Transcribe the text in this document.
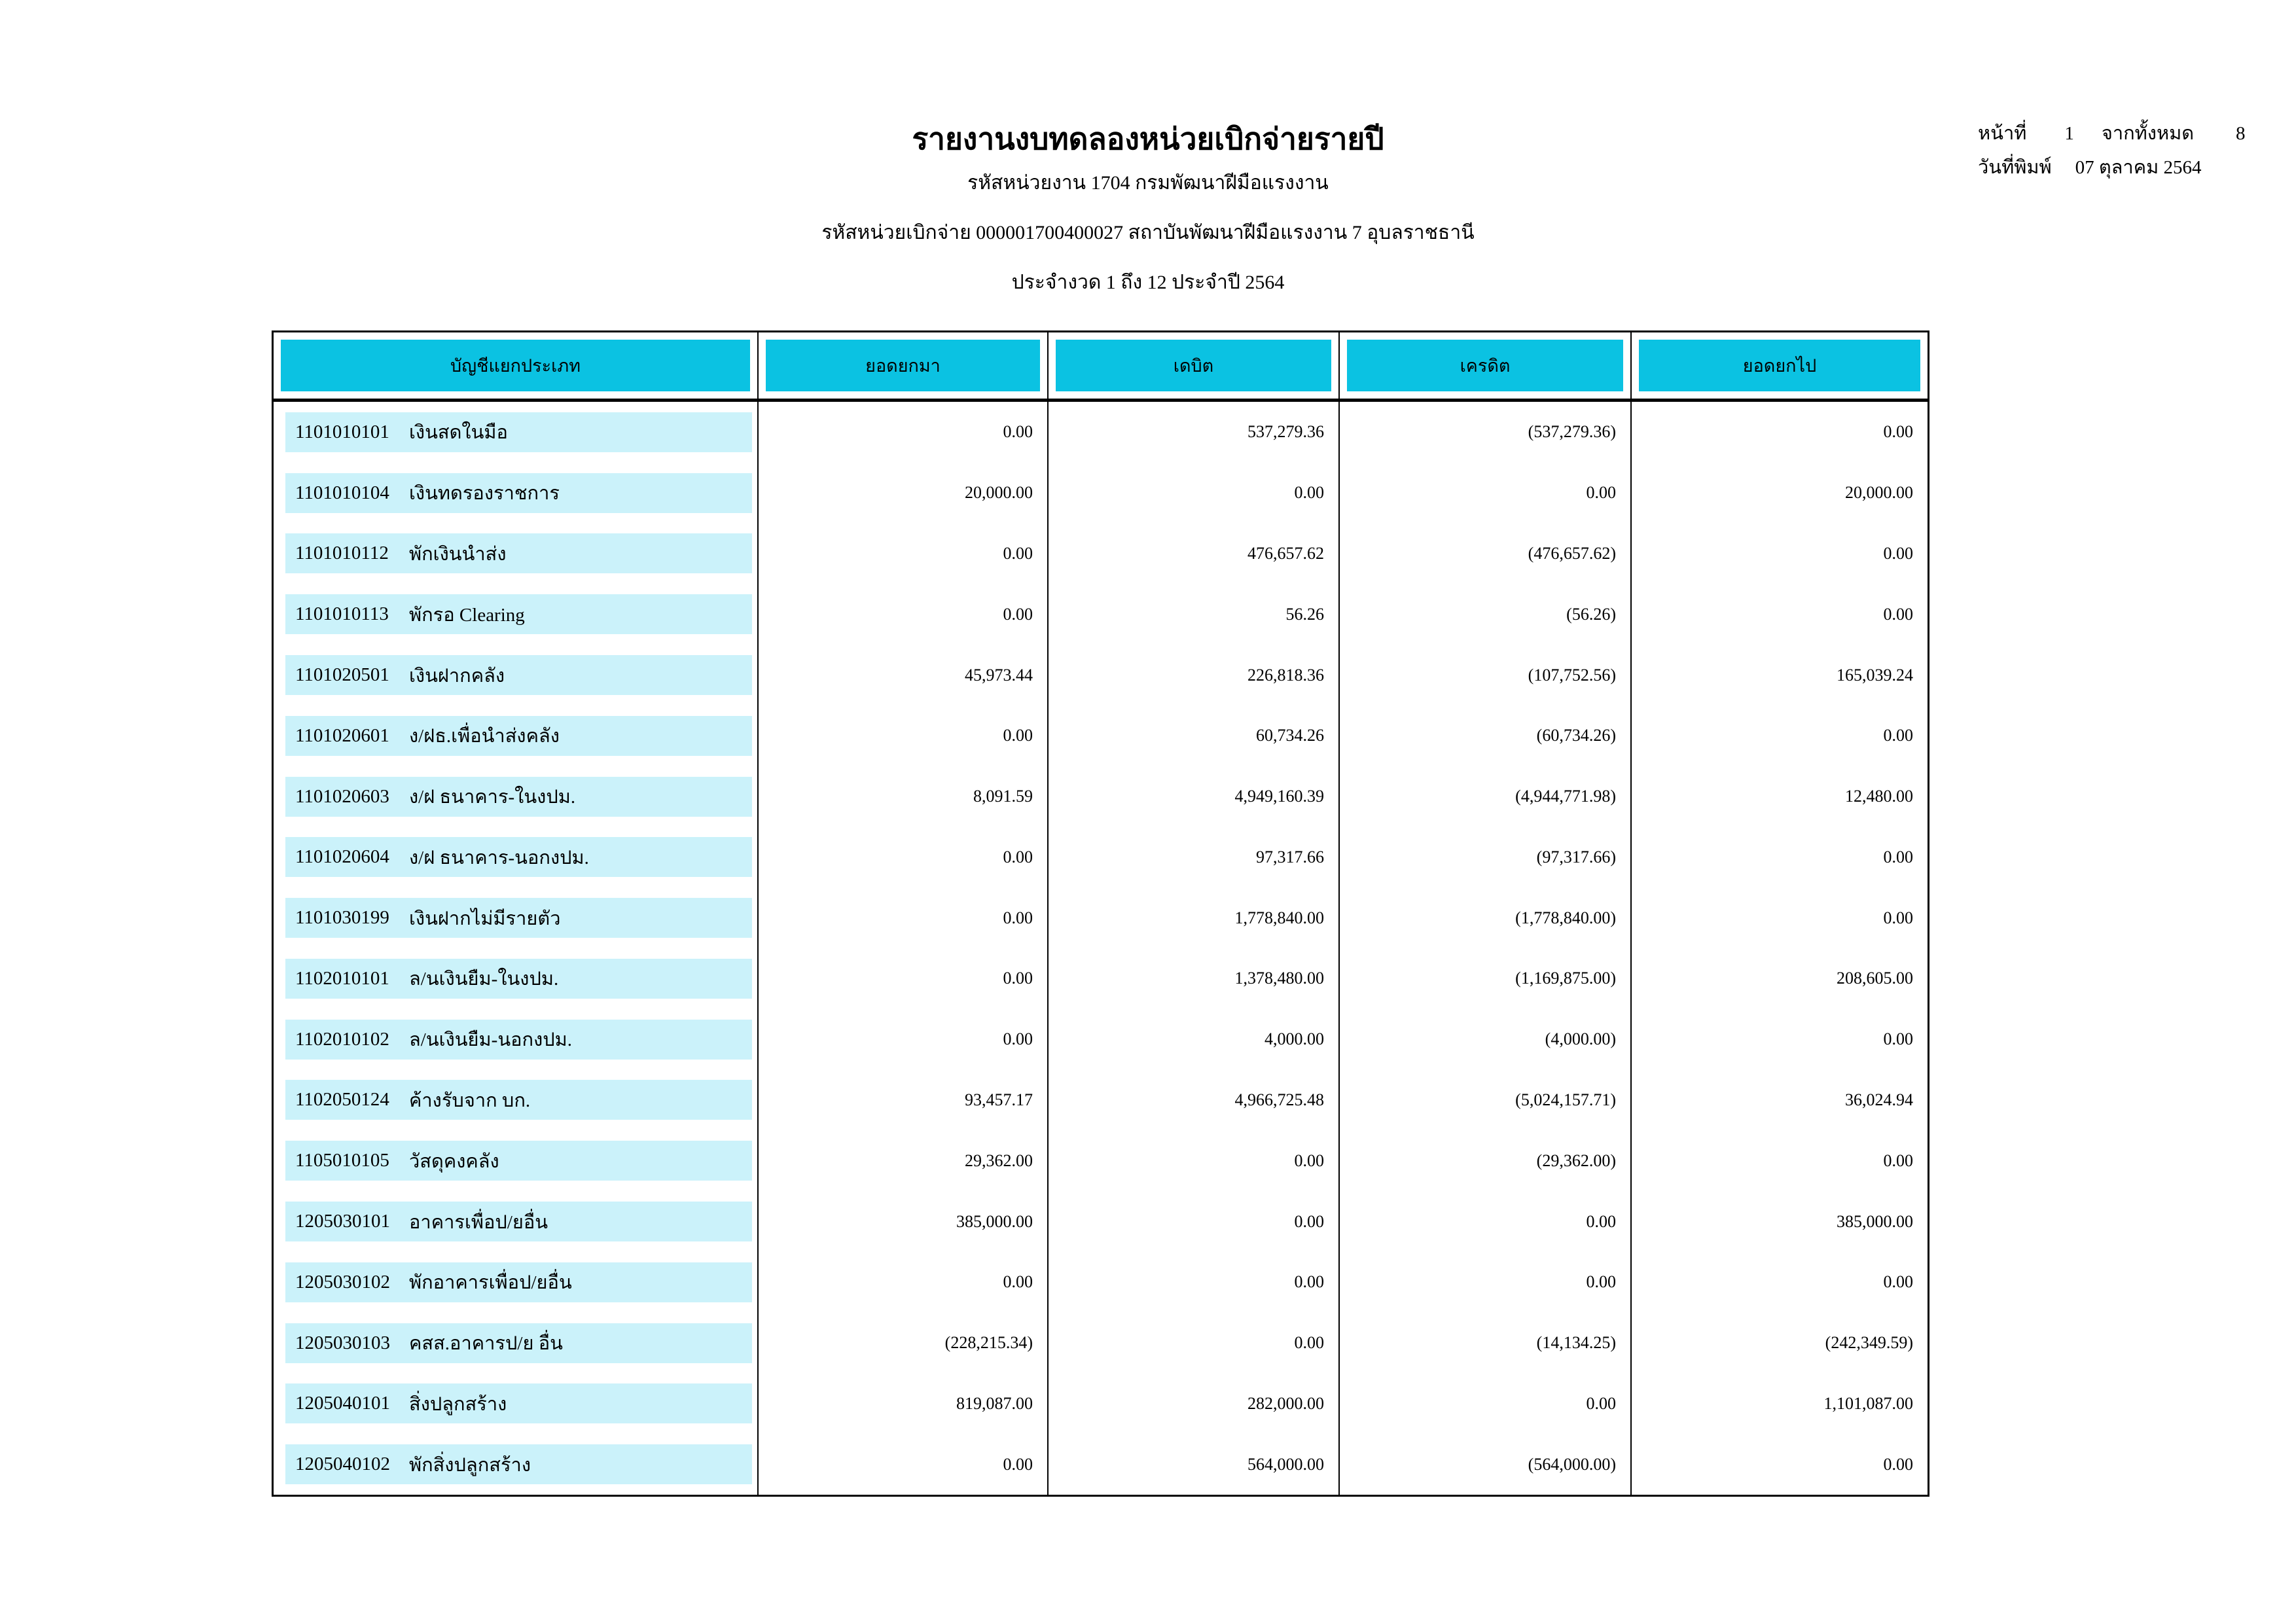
รายงานงบทดลองหน่วยเบิกจ่ายรายปี
รหัสหน่วยงาน 1704 กรมพัฒนาฝีมือแรงงาน
รหัสหน่วยเบิกจ่าย 000001700400027 สถาบันพัฒนาฝีมือแรงงาน 7 อุบลราชธานี
ประจำงวด 1 ถึง 12 ประจำปี 2564
หน้าที่ 1 จากทั้งหมด 8
วันที่พิมพ์ 07 ตุลาคม 2564
บัญชีแยกประเภท	ยอดยกมา	เดบิต	เครดิต	ยอดยกไป
1101010101 เงินสดในมือ	0.00	537,279.36	(537,279.36)	0.00
1101010104 เงินทดรองราชการ	20,000.00	0.00	0.00	20,000.00
1101010112	พักเงินนำส่ง	0.00	476,657.62	(476,657.62)	0.00
1101010113	พักรอ Clearing	0.00	56.26	(56.26)	0.00
1101020501 เงินฝากคลัง	45,973.44	226,818.36	(107,752.56)	165,039.24
1101020601 ง/ฝธ.เพื่อนำส่งคลัง	0.00	60,734.26	(60,734.26)	0.00
1101020603 ง/ฝ ธนาคาร-ในงปม.	8,091.59	4,949,160.39	(4,944,771.98)	12,480.00
1101020604 ง/ฝ ธนาคาร-นอกงปม.	0.00	97,317.66	(97,317.66)	0.00
1101030199 เงินฝากไม่มีรายตัว	0.00	1,778,840.00	(1,778,840.00)	0.00
1102010101 ล/นเงินยืม-ในงปม.	0.00	1,378,480.00	(1,169,875.00)	208,605.00
1102010102 ล/นเงินยืม-นอกงปม.	0.00	4,000.00	(4,000.00)	0.00
1102050124 ค้างรับจาก บก.	93,457.17	4,966,725.48	(5,024,157.71)	36,024.94
1105010105 วัสดุคงคลัง	29,362.00	0.00	(29,362.00)	0.00
1205030101 อาคารเพื่อป/ยอื่น	385,000.00	0.00	0.00	385,000.00
1205030102 พักอาคารเพื่อป/ยอื่น	0.00	0.00	0.00	0.00
1205030103 คสส.อาคารป/ย อื่น	(228,215.34)	0.00	(14,134.25)	(242,349.59)
1205040101 สิ่งปลูกสร้าง	819,087.00	282,000.00	0.00	1,101,087.00
1205040102 พักสิ่งปลูกสร้าง	0.00	564,000.00	(564,000.00)	0.00
